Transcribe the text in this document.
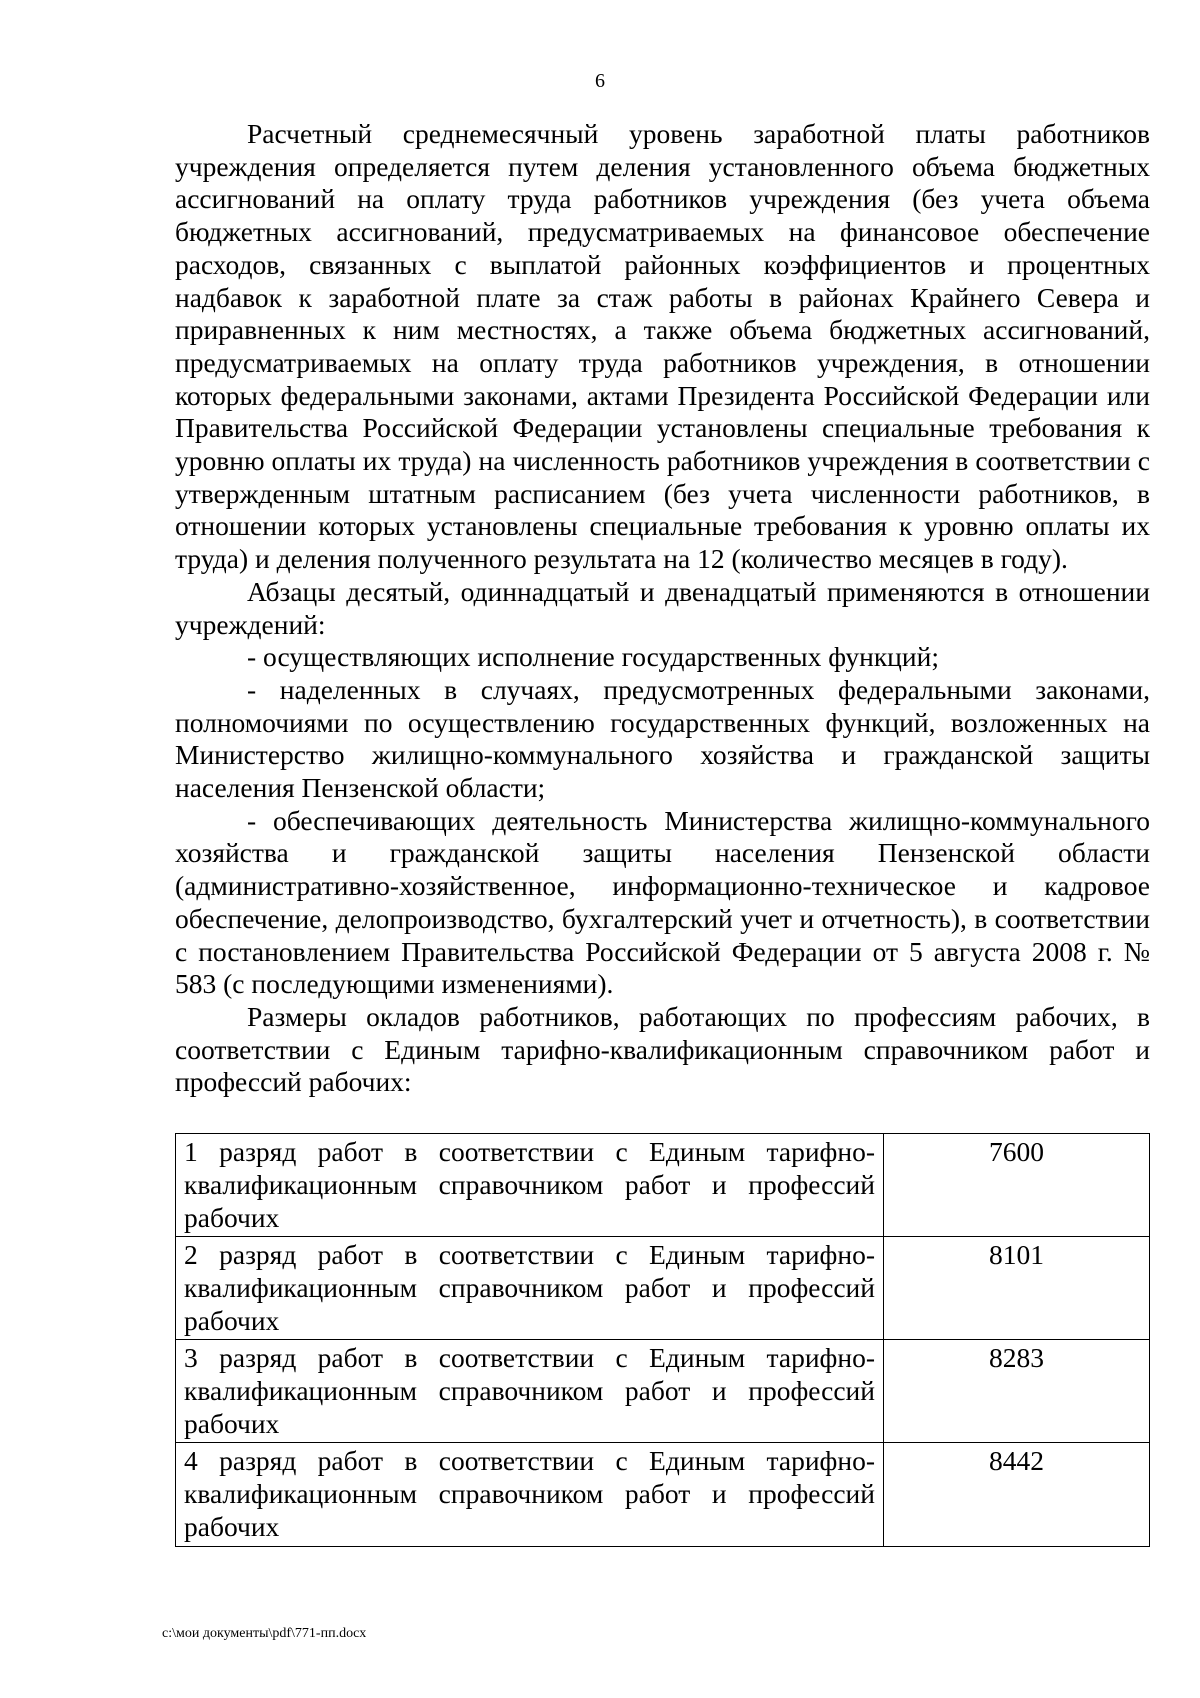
6

Расчетный среднемесячный уровень заработной платы работников учреждения определяется путем деления установленного объема бюджетных ассигнований на оплату труда работников учреждения (без учета объема бюджетных ассигнований, предусматриваемых на финансовое обеспечение расходов, связанных с выплатой районных коэффициентов и процентных надбавок к заработной плате за стаж работы в районах Крайнего Севера и приравненных к ним местностях, а также объема бюджетных ассигнований, предусматриваемых на оплату труда работников учреждения, в отношении которых федеральными законами, актами Президента Российской Федерации или Правительства Российской Федерации установлены специальные требования к уровню оплаты их труда) на численность работников учреждения в соответствии с утвержденным штатным расписанием (без учета численности работников, в отношении которых установлены специальные требования к уровню оплаты их труда) и деления полученного результата на 12 (количество месяцев в году).

Абзацы десятый, одиннадцатый и двенадцатый применяются в отношении учреждений:

- осуществляющих исполнение государственных функций;

- наделенных в случаях, предусмотренных федеральными законами, полномочиями по осуществлению государственных функций, возложенных на Министерство жилищно-коммунального хозяйства и гражданской защиты населения Пензенской области;

- обеспечивающих деятельность Министерства жилищно-коммунального хозяйства и гражданской защиты населения Пензенской области (административно-хозяйственное, информационно-техническое и кадровое обеспечение, делопроизводство, бухгалтерский учет и отчетность), в соответствии с постановлением Правительства Российской Федерации от 5 августа 2008 г. № 583 (с последующими изменениями).

Размеры окладов работников, работающих по профессиям рабочих, в соответствии с Единым тарифно-квалификационным справочником работ и профессий рабочих:

1 разряд работ в соответствии с Единым тарифно-квалификационным справочником работ и профессий рабочих	7600
2 разряд работ в соответствии с Единым тарифно-квалификационным справочником работ и профессий рабочих	8101
3 разряд работ в соответствии с Единым тарифно-квалификационным справочником работ и профессий рабочих	8283
4 разряд работ в соответствии с Единым тарифно-квалификационным справочником работ и профессий рабочих	8442
c:\мои документы\pdf\771-пп.docx
